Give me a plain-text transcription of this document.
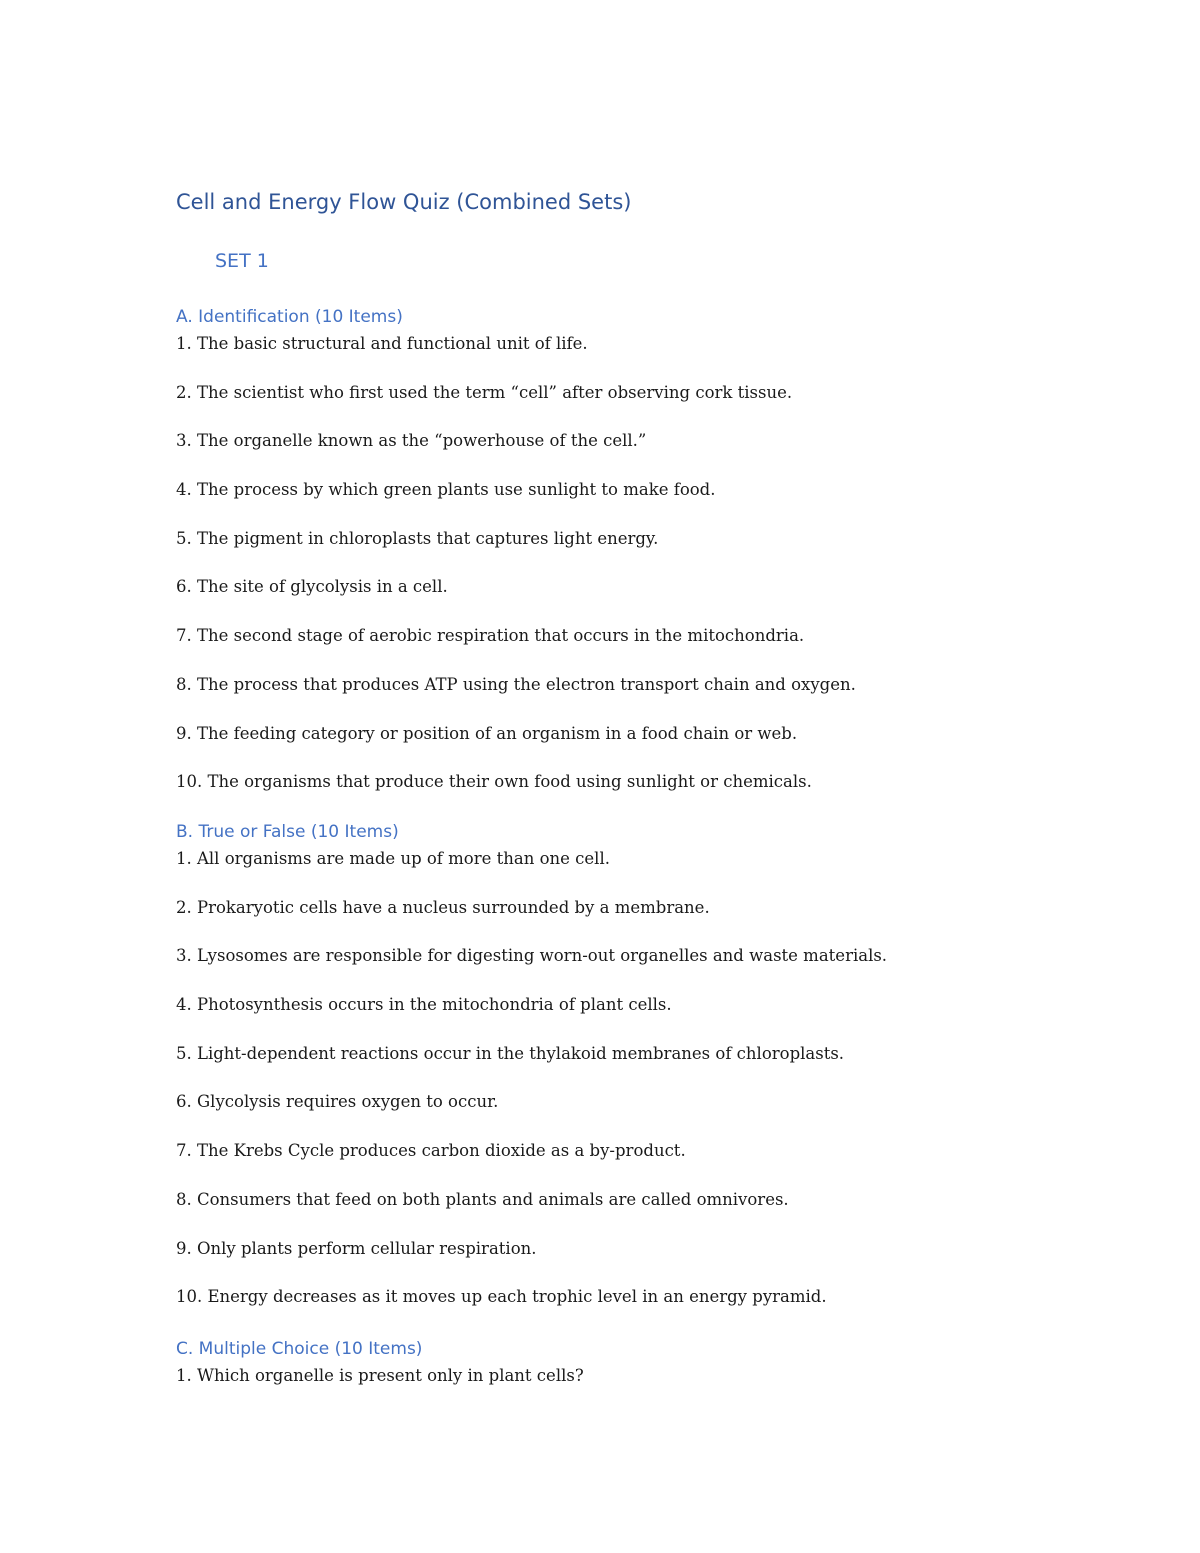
Cell and Energy Flow Quiz (Combined Sets)
SET 1
A. Identification (10 Items)
1. The basic structural and functional unit of life.
2. The scientist who first used the term “cell” after observing cork tissue.
3. The organelle known as the “powerhouse of the cell.”
4. The process by which green plants use sunlight to make food.
5. The pigment in chloroplasts that captures light energy.
6. The site of glycolysis in a cell.
7. The second stage of aerobic respiration that occurs in the mitochondria.
8. The process that produces ATP using the electron transport chain and oxygen.
9. The feeding category or position of an organism in a food chain or web.
10. The organisms that produce their own food using sunlight or chemicals.
B. True or False (10 Items)
1. All organisms are made up of more than one cell.
2. Prokaryotic cells have a nucleus surrounded by a membrane.
3. Lysosomes are responsible for digesting worn-out organelles and waste materials.
4. Photosynthesis occurs in the mitochondria of plant cells.
5. Light-dependent reactions occur in the thylakoid membranes of chloroplasts.
6. Glycolysis requires oxygen to occur.
7. The Krebs Cycle produces carbon dioxide as a by-product.
8. Consumers that feed on both plants and animals are called omnivores.
9. Only plants perform cellular respiration.
10. Energy decreases as it moves up each trophic level in an energy pyramid.
C. Multiple Choice (10 Items)
1. Which organelle is present only in plant cells?
